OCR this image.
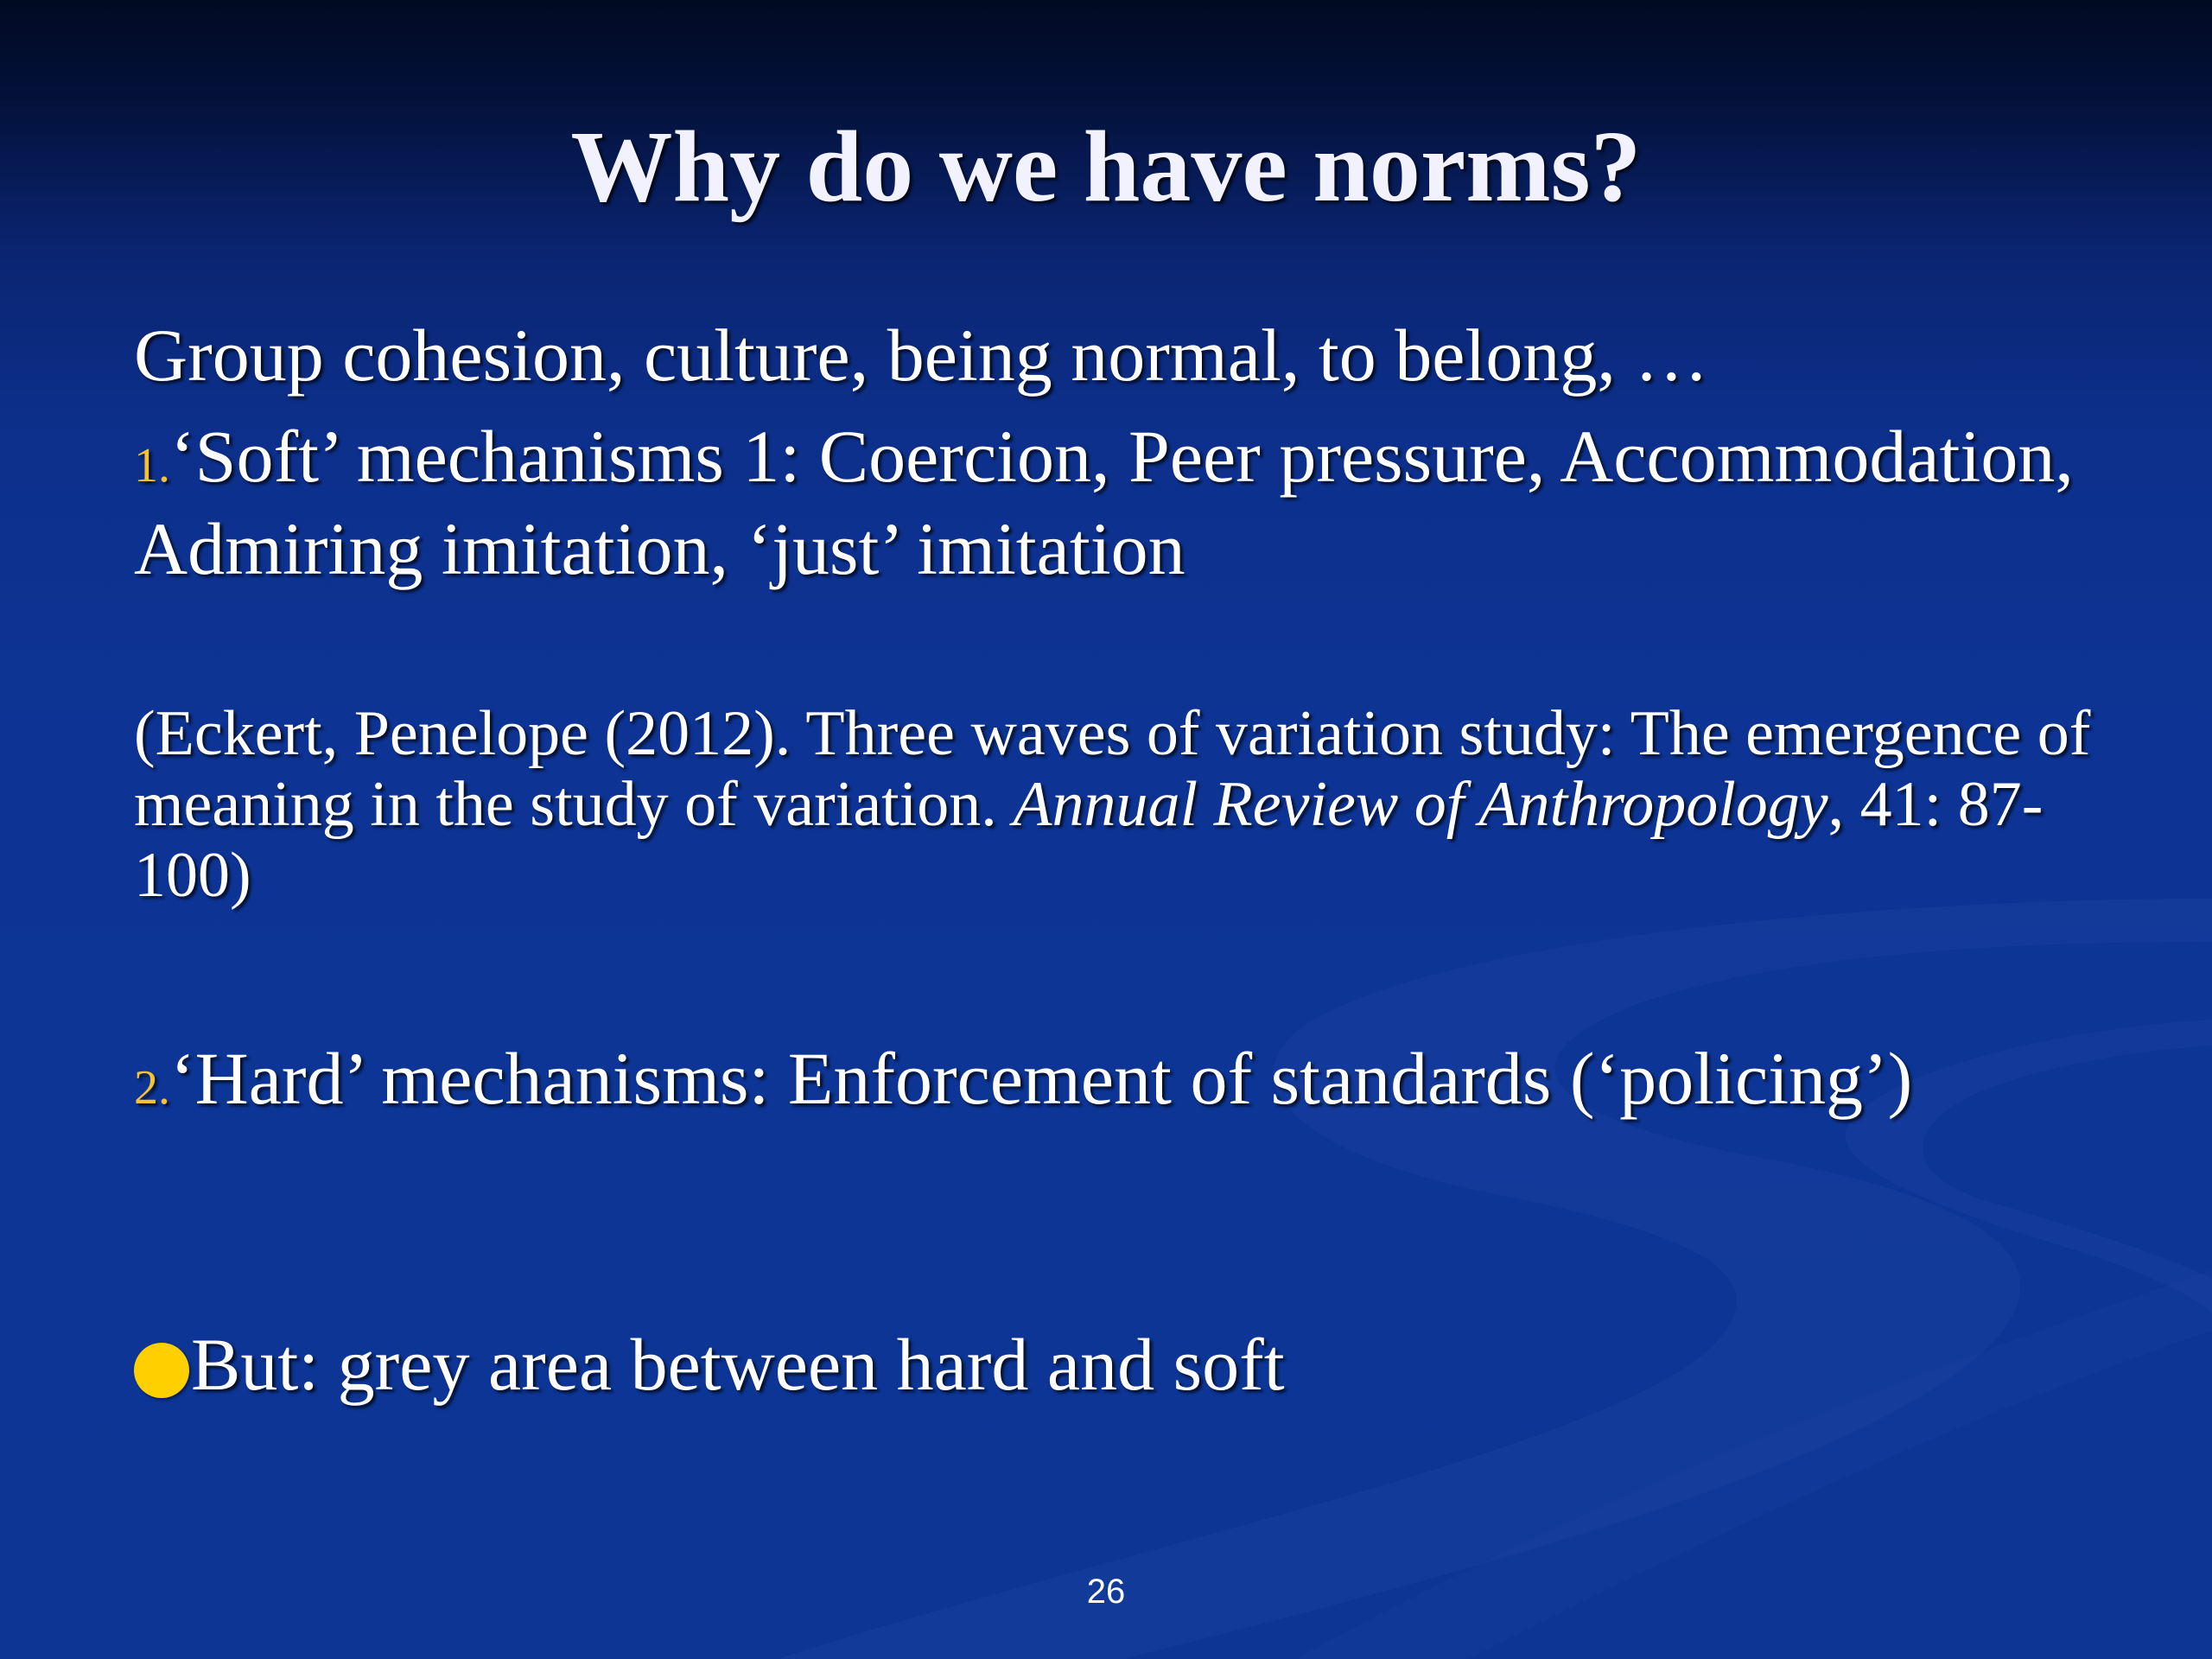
Why do we have norms?

Group cohesion, culture, being normal, to belong, …

1.‘Soft’ mechanisms 1: Coercion, Peer pressure, Accommodation, Admiring imitation, ‘just’ imitation

(Eckert, Penelope (2012). Three waves of variation study: The emergence of meaning in the study of variation. Annual Review of Anthropology, 41: 87-100)

2.‘Hard’ mechanisms: Enforcement of standards (‘policing’)

But: grey area between hard and soft

26
